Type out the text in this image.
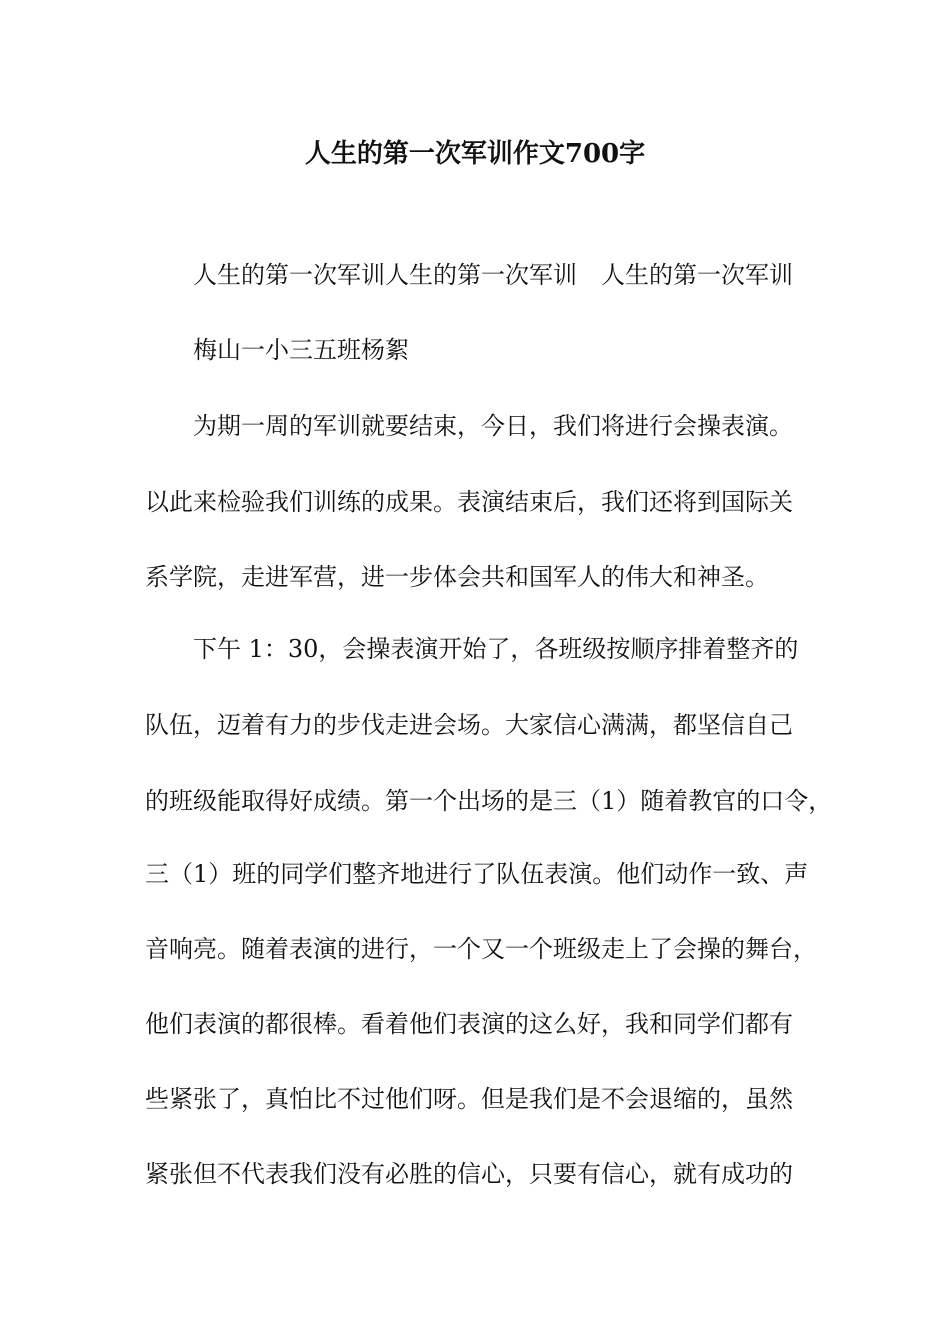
人生的第一次军训作文700字
人生的第一次军训人生的第一次军训　人生的第一次军训
梅山一小三五班杨絮
为期一周的军训就要结束，今日，我们将进行会操表演。
以此来检验我们训练的成果。表演结束后，我们还将到国际关
系学院，走进军营，进一步体会共和国军人的伟大和神圣。
下午 1：30，会操表演开始了，各班级按顺序排着整齐的
队伍，迈着有力的步伐走进会场。大家信心满满，都坚信自己
的班级能取得好成绩。第一个出场的是三（1）随着教官的口令，
三（1）班的同学们整齐地进行了队伍表演。他们动作一致、声
音响亮。随着表演的进行，一个又一个班级走上了会操的舞台，
他们表演的都很棒。看着他们表演的这么好，我和同学们都有
些紧张了，真怕比不过他们呀。但是我们是不会退缩的，虽然
紧张但不代表我们没有必胜的信心，只要有信心，就有成功的
